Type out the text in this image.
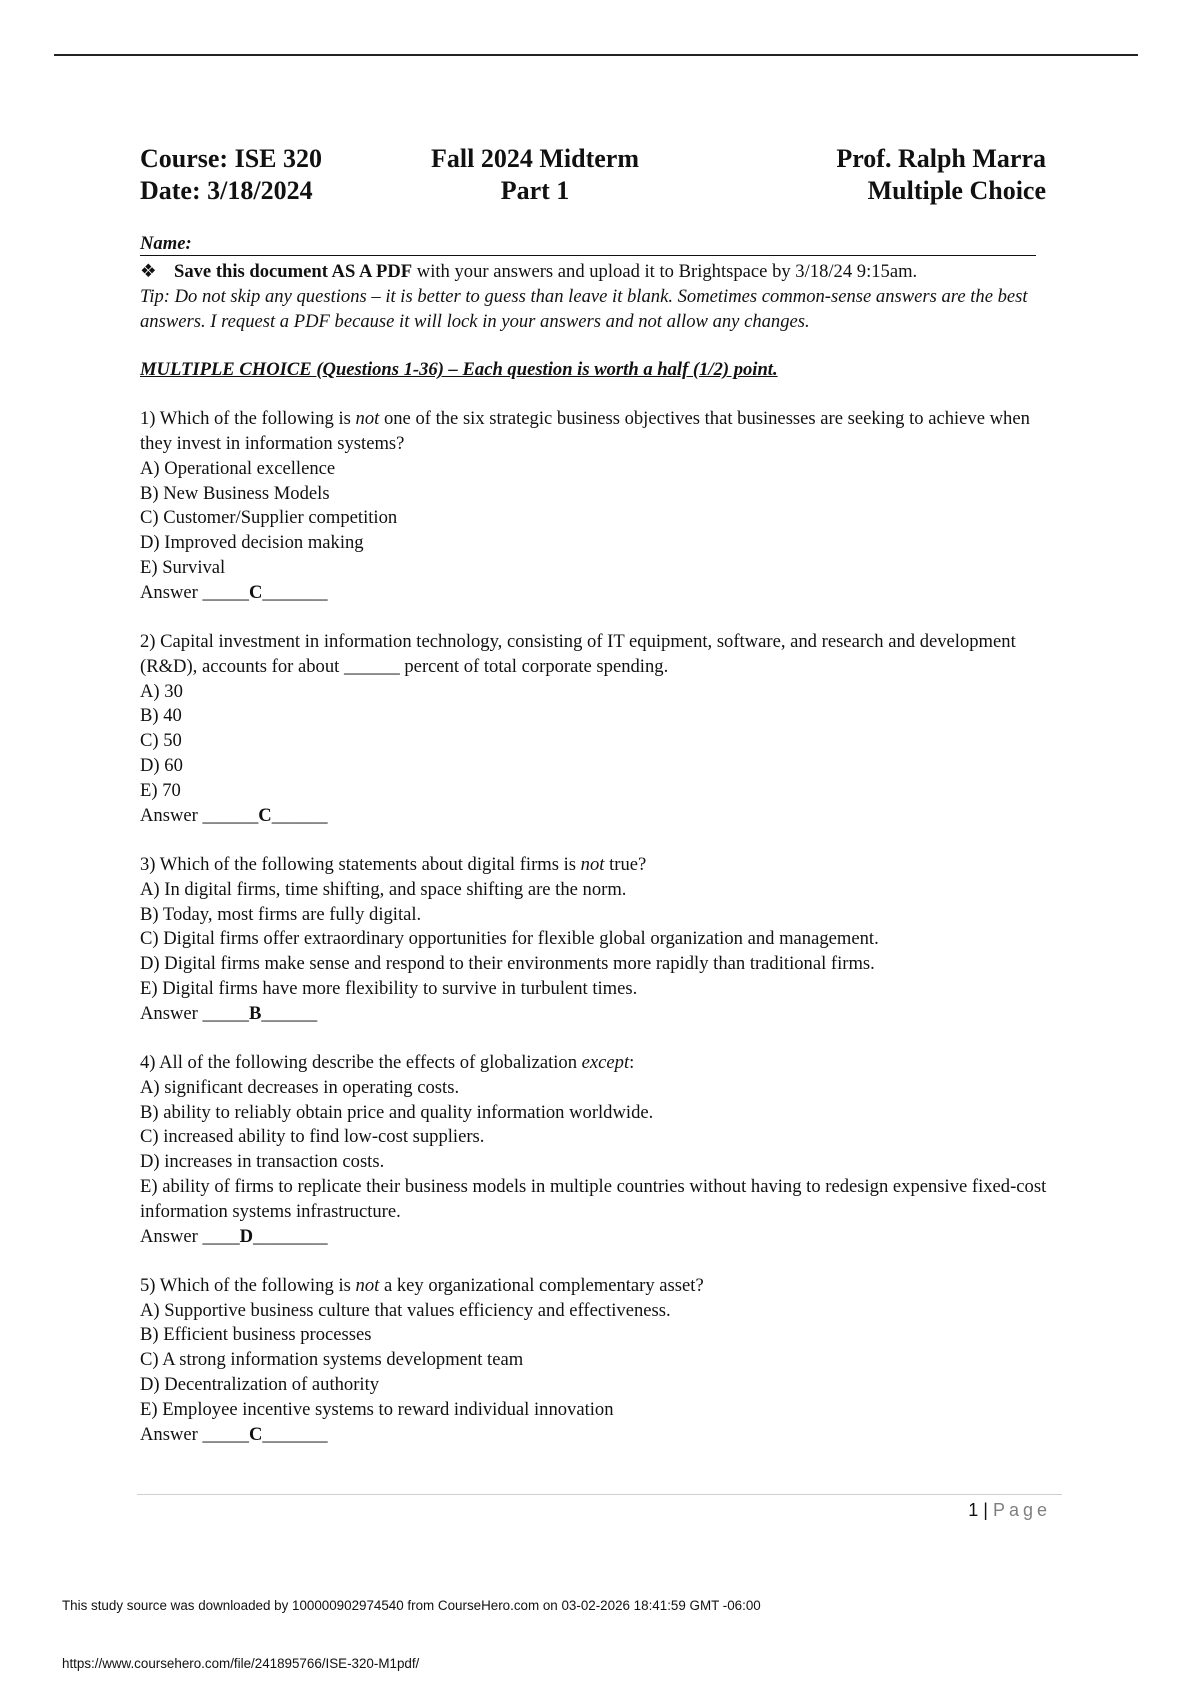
Course: ISE 320	Fall 2024 Midterm	Prof. Ralph Marra
Date: 3/18/2024	Part 1	Multiple Choice
Name:
❖ Save this document AS A PDF with your answers and upload it to Brightspace by 3/18/24 9:15am.
Tip: Do not skip any questions – it is better to guess than leave it blank. Sometimes common-sense answers are the best answers. I request a PDF because it will lock in your answers and not allow any changes.
MULTIPLE CHOICE (Questions 1-36) – Each question is worth a half (1/2) point.
1) Which of the following is not one of the six strategic business objectives that businesses are seeking to achieve when they invest in information systems?
A) Operational excellence
B) New Business Models
C) Customer/Supplier competition
D) Improved decision making
E) Survival
Answer _____C_______
2) Capital investment in information technology, consisting of IT equipment, software, and research and development (R&D), accounts for about ______ percent of total corporate spending.
A) 30
B) 40
C) 50
D) 60
E) 70
Answer ______C______
3) Which of the following statements about digital firms is not true?
A) In digital firms, time shifting, and space shifting are the norm.
B) Today, most firms are fully digital.
C) Digital firms offer extraordinary opportunities for flexible global organization and management.
D) Digital firms make sense and respond to their environments more rapidly than traditional firms.
E) Digital firms have more flexibility to survive in turbulent times.
Answer _____B______
4) All of the following describe the effects of globalization except:
A) significant decreases in operating costs.
B) ability to reliably obtain price and quality information worldwide.
C) increased ability to find low-cost suppliers.
D) increases in transaction costs.
E) ability of firms to replicate their business models in multiple countries without having to redesign expensive fixed-cost information systems infrastructure.
Answer ____D________
5) Which of the following is not a key organizational complementary asset?
A) Supportive business culture that values efficiency and effectiveness.
B) Efficient business processes
C) A strong information systems development team
D) Decentralization of authority
E) Employee incentive systems to reward individual innovation
Answer _____C_______
1 | Page
This study source was downloaded by 100000902974540 from CourseHero.com on 03-02-2026 18:41:59 GMT -06:00
https://www.coursehero.com/file/241895766/ISE-320-M1pdf/
